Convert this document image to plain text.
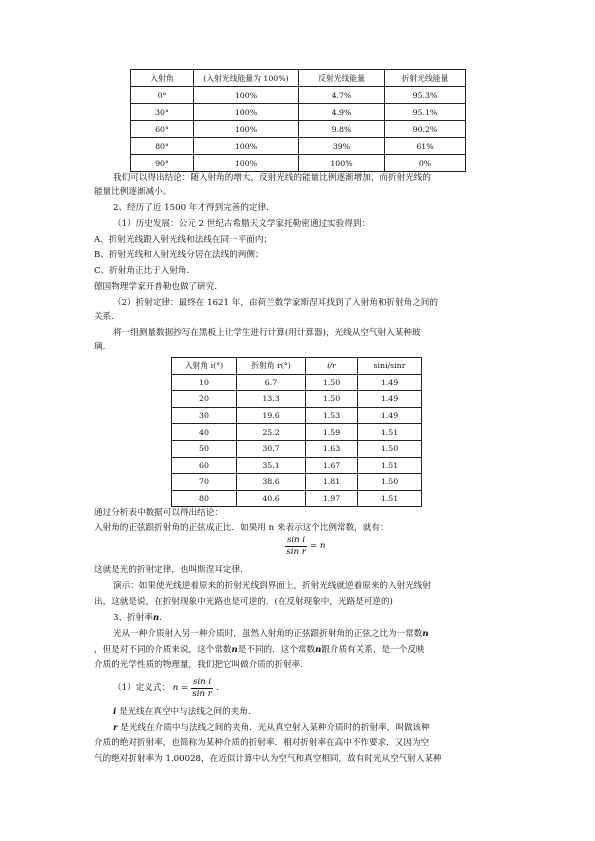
入射角	(入射光线能量为 100%)	反射光线能量	折射光线能量
0°	100%	4.7%	95.3%
30°	100%	4.9%	95.1%
60°	100%	9.8%	90.2%
80°	100%	39%	61%
90°	100%	100%	0%
我们可以得出结论：随入射角的增大，反射光线的能量比例逐渐增加，而折射光线的
能量比例逐渐减小。
2、经历了近 1500 年才得到完善的定律.
（1）历史发展：公元 2 世纪古希腊天文学家托勒密通过实验得到：
A、折射光线跟入射光线和法线在同一平面内；
B、折射光线和入射光线分居在法线的两侧；
C、折射角正比于入射角.
德国物理学家开普勒也做了研究.
（2）折射定律：最终在 1621 年，由荷兰数学家斯涅耳找到了入射角和折射角之间的
关系.
将一组测量数据抄写在黑板上让学生进行计算(用计算器)，光线从空气射入某种玻
璃.
入射角 i(°)	折射角 r(°)	i/r	sini/sinr
10	6.7	1.50	1.49
20	13.3	1.50	1.49
30	19.6	1.53	1.49
40	25.2	1.59	1.51
50	30.7	1.63	1.50
60	35.1	1.67	1.51
70	38.6	1.81	1.50
80	40.6	1.97	1.51
通过分析表中数据可以得出结论：
入射角的正弦跟折射角的正弦成正比．如果用 n 来表示这个比例常数，就有：
$\frac{\text{sin i}}{\text{sin r}} = n$
这就是光的折射定律，也叫斯涅耳定律.
演示：如果使光线逆着原来的折射光线到界面上，折射光线就逆着原来的入射光线射
出，这就是说，在折射现象中光路也是可逆的．(在反射现象中，光路是可逆的)
3、折射率n.
光从一种介质射入另一种介质时，虽然入射角的正弦跟折射角的正弦之比为一常数n
，但是对不同的介质来说，这个常数n是不同的．这个常数n跟介质有关系，是一个反映
介质的光学性质的物理量，我们把它叫做介质的折射率.
（1）定义式： $n = \frac{\text{sin i}}{\text{sin r}}$ .
i 是光线在真空中与法线之间的夹角.
r 是光线在介质中与法线之间的夹角．光从真空射入某种介质时的折射率，叫做该种
介质的绝对折射率，也简称为某种介质的折射率．相对折射率在高中不作要求．又因为空
气的绝对折射率为 1.00028，在近似计算中认为空气和真空相同，故有时光从空气射入某种
